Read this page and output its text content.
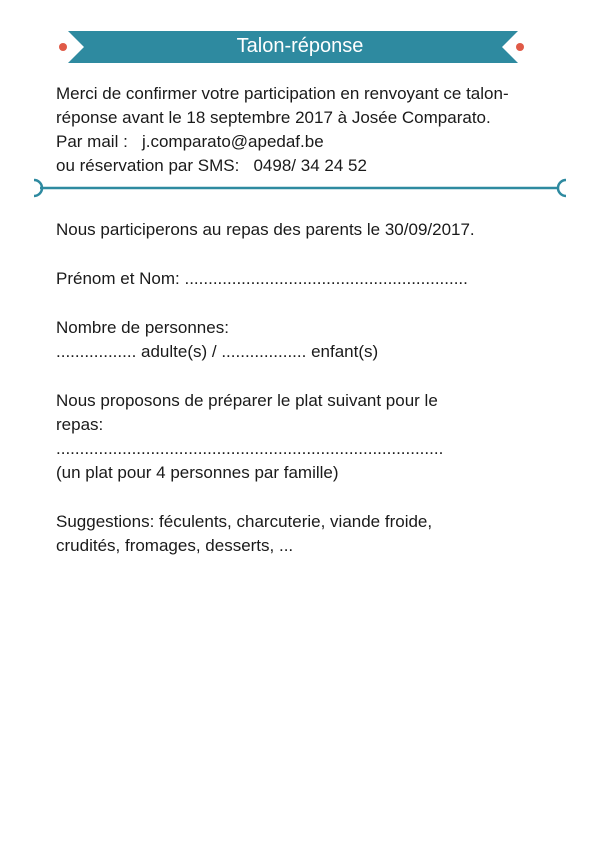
Talon-réponse
Merci de confirmer votre participation en renvoyant ce talon-
réponse avant le 18 septembre 2017 à Josée Comparato.
Par mail :   j.comparato@apedaf.be
ou réservation par SMS:   0498/ 34 24 52
Nous participerons au repas des parents le 30/09/2017.
Prénom et Nom: ............................................................
Nombre de personnes:
................. adulte(s) / .................. enfant(s)
Nous proposons de préparer le plat suivant pour le
repas:
..................................................................................
(un plat pour 4 personnes par famille)
Suggestions: féculents, charcuterie, viande froide,
crudités, fromages, desserts, ...
